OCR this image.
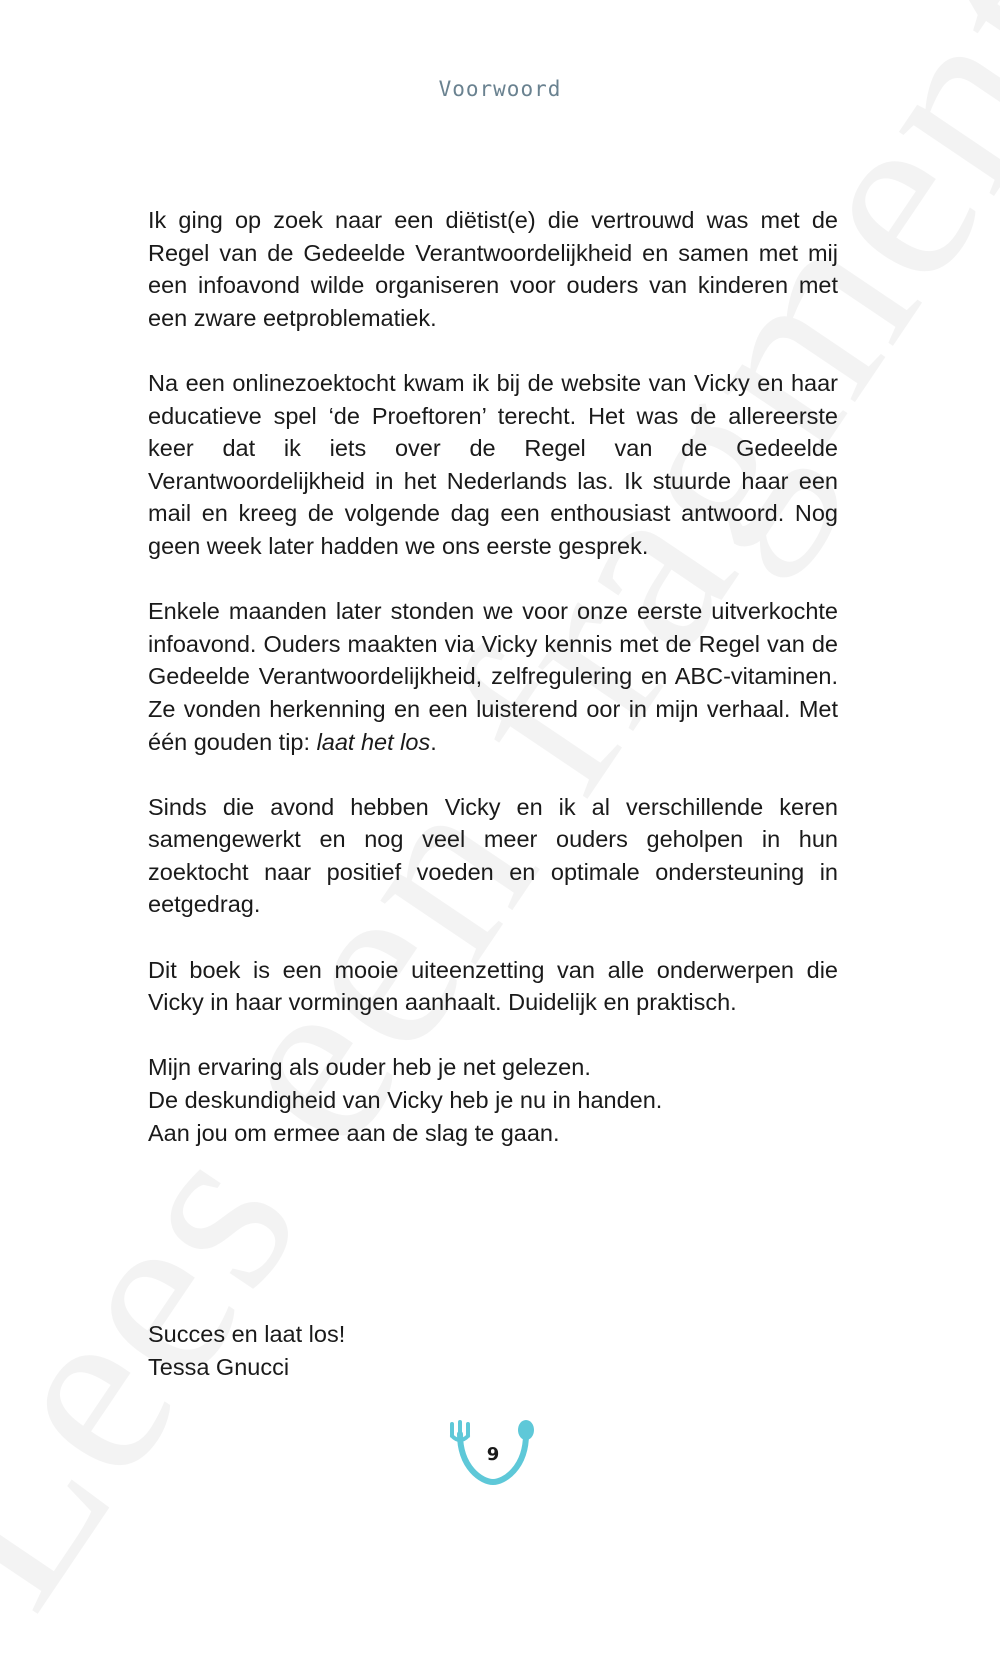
Voorwoord

Ik ging op zoek naar een diëtist(e) die vertrouwd was met de Regel van de Gedeelde Verantwoordelijkheid en samen met mij een infoavond wilde organiseren voor ouders van kinderen met een zware eetproblematiek.

Na een onlinezoektocht kwam ik bij de website van Vicky en haar educatieve spel ‘de Proeftoren’ terecht. Het was de allereerste keer dat ik iets over de Regel van de Gedeelde Verantwoordelijkheid in het Nederlands las. Ik stuurde haar een mail en kreeg de volgende dag een enthousiast antwoord. Nog geen week later hadden we ons eerste gesprek.

Enkele maanden later stonden we voor onze eerste uitverkochte infoavond. Ouders maakten via Vicky kennis met de Regel van de Gedeelde Verantwoordelijkheid, zelfregulering en ABC-vitaminen. Ze vonden herkenning en een luisterend oor in mijn verhaal. Met één gouden tip: laat het los.

Sinds die avond hebben Vicky en ik al verschillende keren samengewerkt en nog veel meer ouders geholpen in hun zoektocht naar positief voeden en optimale ondersteuning in eetgedrag.

Dit boek is een mooie uiteenzetting van alle onderwerpen die Vicky in haar vormingen aanhaalt. Duidelijk en praktisch.

Mijn ervaring als ouder heb je net gelezen.
De deskundigheid van Vicky heb je nu in handen.
Aan jou om ermee aan de slag te gaan.

Succes en laat los!
Tessa Gnucci
9
